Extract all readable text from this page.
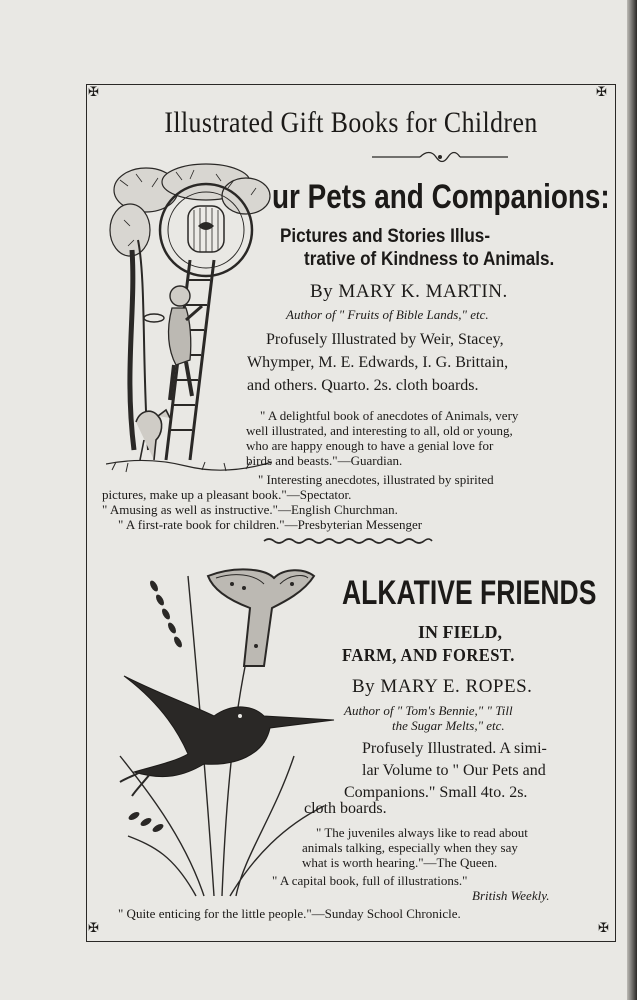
✠	✠
✠	✠
Illustrated Gift Books for Children
ur Pets and Companions:
Pictures and Stories Illus-
trative of Kindness to Animals.
By MARY K. MARTIN.
Author of " Fruits of Bible Lands," etc.
Profusely Illustrated by Weir, Stacey,
Whymper, M. E. Edwards, I. G. Brittain,
and others. Quarto. 2s. cloth boards.
" A delightful book of anecdotes of Animals, very
well illustrated, and interesting to all, old or young,
who are happy enough to have a genial love for
birds and beasts."—Guardian.
" Interesting anecdotes, illustrated by spirited
pictures, make up a pleasant book."—Spectator.
" Amusing as well as instructive."—English Churchman.
" A first-rate book for children."—Presbyterian Messenger
ALKATIVE FRIENDS
IN FIELD,
FARM, AND FOREST.
By MARY E. ROPES.
Author of " Tom's Bennie," " Till
the Sugar Melts," etc.
Profusely Illustrated. A simi-
lar Volume to " Our Pets and
Companions." Small 4to. 2s.
cloth boards.
" The juveniles always like to read about
animals talking, especially when they say
what is worth hearing."—The Queen.
" A capital book, full of illustrations."
British Weekly.
" Quite enticing for the little people."—Sunday School Chronicle.
